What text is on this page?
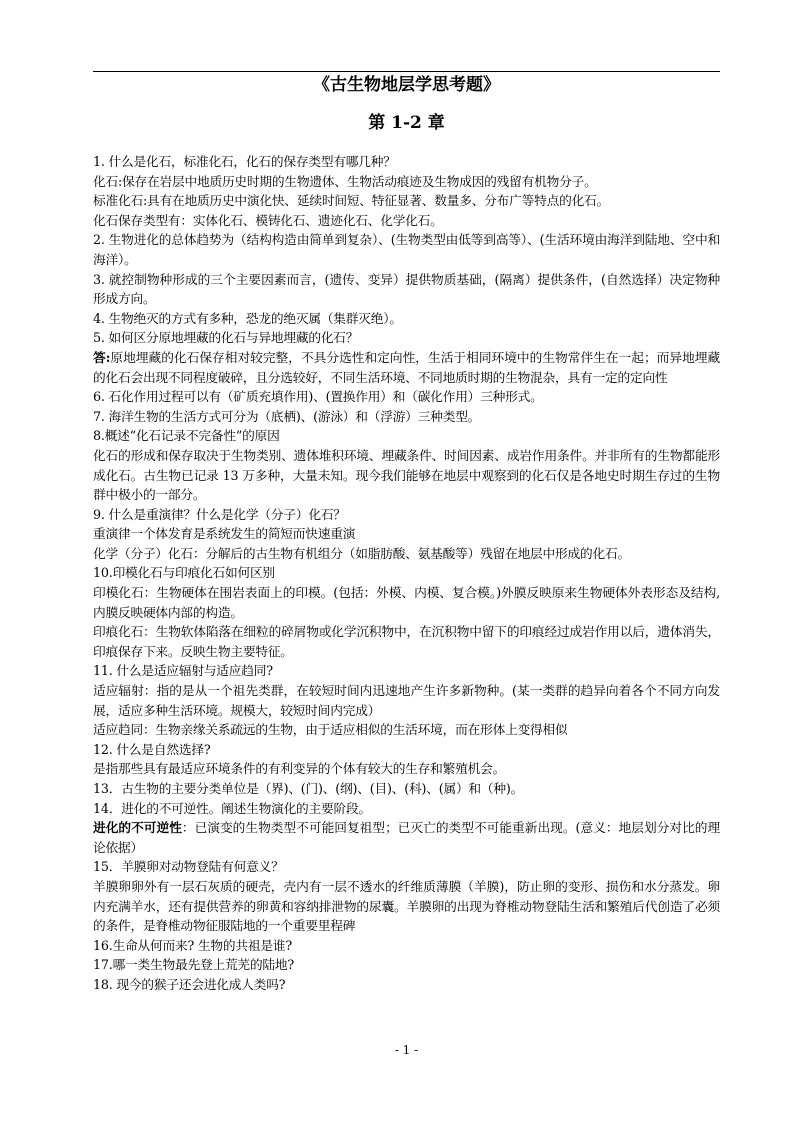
《古生物地层学思考题》
第 1-2 章
1. 什么是化石，标准化石，化石的保存类型有哪几种？
化石:保存在岩层中地质历史时期的生物遗体、生物活动痕迹及生物成因的残留有机物分子。
标准化石:具有在地质历史中演化快、延续时间短、特征显著、数量多、分布广等特点的化石。
化石保存类型有：实体化石、模铸化石、遗迹化石、化学化石。
2. 生物进化的总体趋势为（结构构造由简单到复杂）、(生物类型由低等到高等）、(生活环境由海洋到陆地、空中和海洋）。
3. 就控制物种形成的三个主要因素而言，(遗传、变异）提供物质基础，(隔离）提供条件，(自然选择）决定物种形成方向。
4. 生物绝灭的方式有多种，恐龙的绝灭属（集群灭绝）。
5. 如何区分原地埋藏的化石与异地埋藏的化石？
答:原地埋藏的化石保存相对较完整，不具分选性和定向性，生活于相同环境中的生物常伴生在一起；而异地埋藏 的化石会出现不同程度破碎，且分选较好，不同生活环境、不同地质时期的生物混杂，具有一定的定向性
6. 石化作用过程可以有（矿质充填作用)、(置换作用）和（碳化作用）三种形式。
7. 海洋生物的生活方式可分为（底栖)、(游泳）和（浮游）三种类型。
8.概述“化石记录不完备性”的原因
化石的形成和保存取决于生物类别、遗体堆积环境、埋藏条件、时间因素、成岩作用条件。并非所有的生物都能形成化石。古生物已记录 13 万多种，大量未知。现今我们能够在地层中观察到的化石仅是各地史时期生存过的生物群中极小的一部分。
9. 什么是重演律？什么是化学（分子）化石？
重演律一个体发育是系统发生的简短而快速重演
化学（分子）化石：分解后的古生物有机组分（如脂肪酸、氨基酸等）残留在地层中形成的化石。
10.印模化石与印痕化石如何区别
印模化石：生物硬体在围岩表面上的印模。(包括：外模、内模、复合模。)外膜反映原来生物硬体外表形态及结构,内膜反映硬体内部的构造。
印痕化石：生物软体陷落在细粒的碎屑物或化学沉积物中，在沉积物中留下的印痕经过成岩作用以后，遗体消失，印痕保存下来。反映生物主要特征。
11. 什么是适应辐射与适应趋同?
适应辐射：指的是从一个祖先类群，在较短时间内迅速地产生许多新物种。(某一类群的趋异向着各个不同方向发展，适应多种生活环境。规模大，较短时间内完成）
适应趋同：生物亲缘关系疏远的生物，由于适应相似的生活环境，而在形体上变得相似
12. 什么是自然选择?
是指那些具有最适应环境条件的有利变异的个体有较大的生存和繁殖机会。
13．古生物的主要分类单位是（界)、(门)、(纲)、(目)、(科)、(属）和（种)。
14．进化的不可逆性。阐述生物演化的主要阶段。
进化的不可逆性：已演变的生物类型不可能回复祖型；已灭亡的类型不可能重新出现。(意义：地层划分对比的理论依据）
15．羊膜卵对动物登陆有何意义？
羊膜卵卵外有一层石灰质的硬壳，壳内有一层不透水的纤维质薄膜（羊膜)，防止卵的变形、损伤和水分蒸发。卵内充满羊水，还有提供营养的卵黄和容纳排泄物的尿囊。羊膜卵的出现为脊椎动物登陆生活和繁殖后代创造了必须的条件，是脊椎动物征服陆地的一个重要里程碑
16.生命从何而来? 生物的共祖是谁?
17.哪一类生物最先登上荒芜的陆地?
18. 现今的猴子还会进化成人类吗?
- 1 -
